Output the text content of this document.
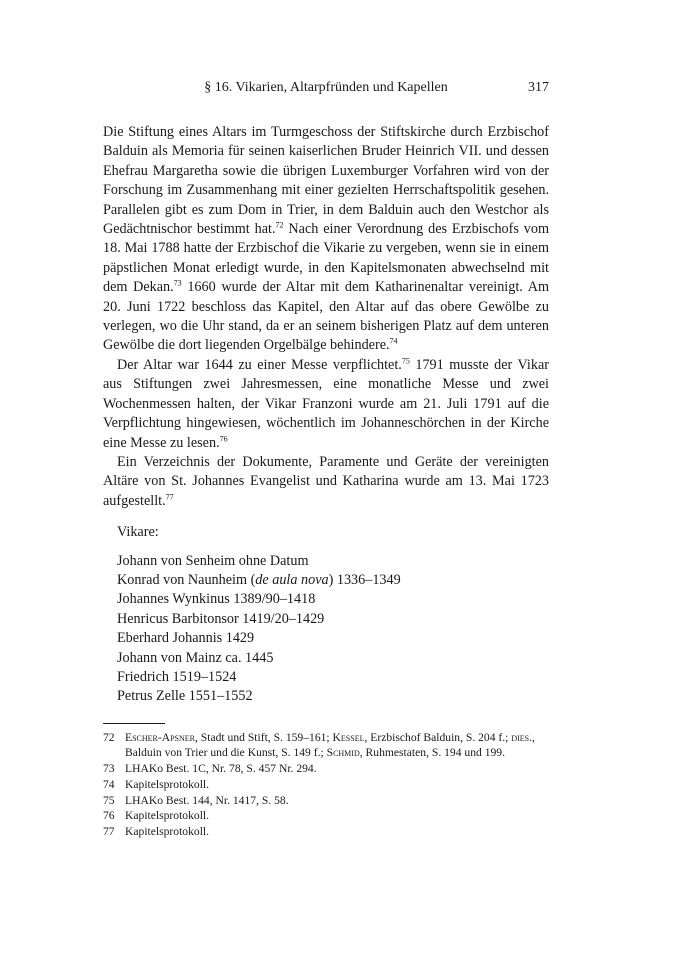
§ 16. Vikarien, Altarpfründen und Kapellen	317

Die Stiftung eines Altars im Turmgeschoss der Stiftskirche durch Erzbischof Balduin als Memoria für seinen kaiserlichen Bruder Heinrich VII. und dessen Ehefrau Margaretha sowie die übrigen Luxemburger Vorfahren wird von der Forschung im Zusammenhang mit einer gezielten Herrschaftspolitik gesehen. Parallelen gibt es zum Dom in Trier, in dem Balduin auch den Westchor als Gedächtnischor bestimmt hat.$^{72}$ Nach einer Verordnung des Erzbischofs vom 18. Mai 1788 hatte der Erzbischof die Vikarie zu vergeben, wenn sie in einem päpstlichen Monat erledigt wurde, in den Kapitelsmonaten abwechselnd mit dem Dekan.$^{73}$ 1660 wurde der Altar mit dem Katharinenaltar vereinigt. Am 20. Juni 1722 beschloss das Kapitel, den Altar auf das obere Gewölbe zu verlegen, wo die Uhr stand, da er an seinem bisherigen Platz auf dem unteren Gewölbe die dort liegenden Orgelbälge behindere.$^{74}$

Der Altar war 1644 zu einer Messe verpflichtet.$^{75}$ 1791 musste der Vikar aus Stiftungen zwei Jahresmessen, eine monatliche Messe und zwei Wochenmessen halten, der Vikar Franzoni wurde am 21. Juli 1791 auf die Verpflichtung hingewiesen, wöchentlich im Johanneschörchen in der Kirche eine Messe zu lesen.$^{76}$

Ein Verzeichnis der Dokumente, Paramente und Geräte der vereinigten Altäre von St. Johannes Evangelist und Katharina wurde am 13. Mai 1723 aufgestellt.$^{77}$

Vikare:
Johann von Senheim ohne Datum
Konrad von Naunheim (de aula nova) 1336–1349
Johannes Wynkinus 1389/90–1418
Henricus Barbitonsor 1419/20–1429
Eberhard Johannis 1429
Johann von Mainz ca. 1445
Friedrich 1519–1524
Petrus Zelle 1551–1552
72 Escher-Apsner, Stadt und Stift, S. 159–161; Kessel, Erzbischof Balduin, S. 204 f.; dies., Balduin von Trier und die Kunst, S. 149 f.; Schmid, Ruhmestaten, S. 194 und 199.
73 LHAKo Best. 1C, Nr. 78, S. 457 Nr. 294.
74 Kapitelsprotokoll.
75 LHAKo Best. 144, Nr. 1417, S. 58.
76 Kapitelsprotokoll.
77 Kapitelsprotokoll.
